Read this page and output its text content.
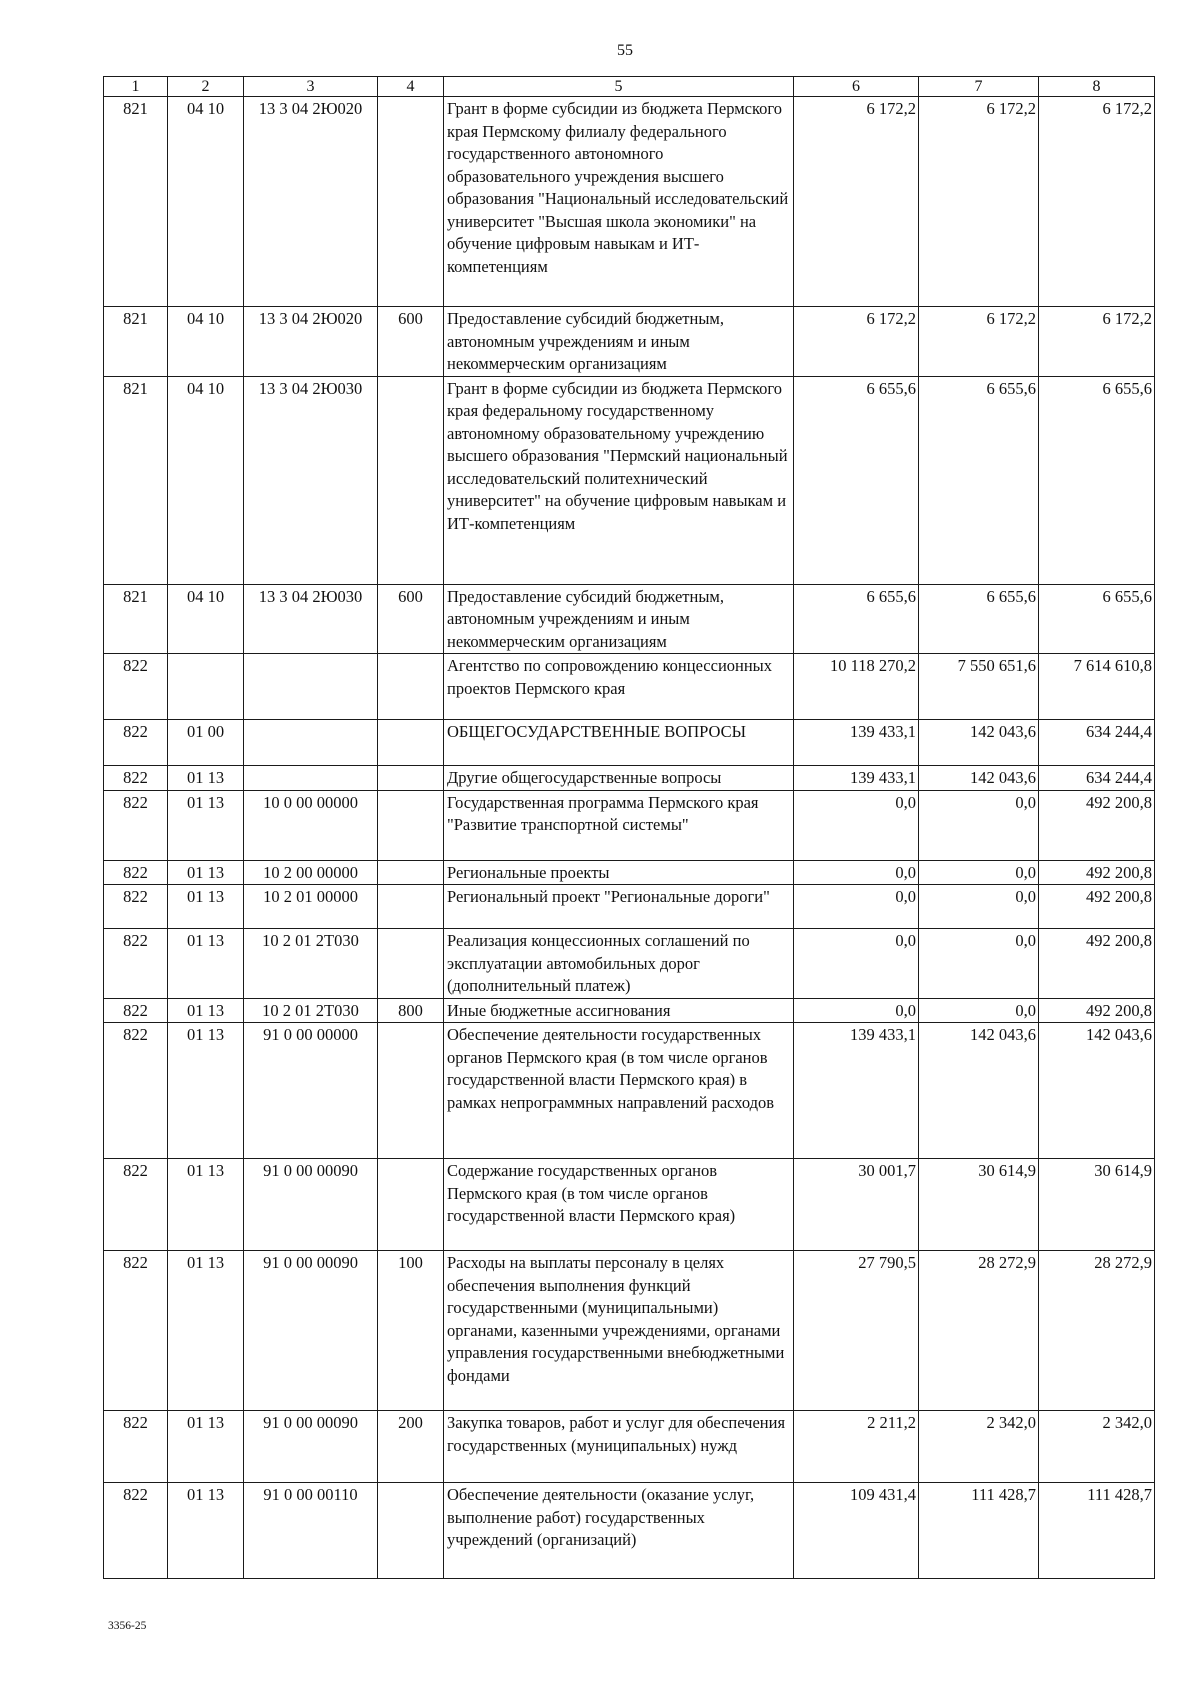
55
1	2	3	4	5	6	7	8
821	04 10	13 3 04 2Ю020		Грант в форме субсидии из бюджета Пермского края Пермскому филиалу федерального государственного автономного образовательного учреждения высшего образования "Национальный исследовательский университет "Высшая школа экономики" на обучение цифровым навыкам и ИТ-компетенциям	6 172,2	6 172,2	6 172,2
821	04 10	13 3 04 2Ю020	600	Предоставление субсидий бюджетным, автономным учреждениям и иным некоммерческим организациям	6 172,2	6 172,2	6 172,2
821	04 10	13 3 04 2Ю030		Грант в форме субсидии из бюджета Пермского края федеральному государственному автономному образовательному учреждению высшего образования "Пермский национальный исследовательский политехнический университет" на обучение цифровым навыкам и ИТ-компетенциям	6 655,6	6 655,6	6 655,6
821	04 10	13 3 04 2Ю030	600	Предоставление субсидий бюджетным, автономным учреждениям и иным некоммерческим организациям	6 655,6	6 655,6	6 655,6
822				Агентство по сопровождению концессионных проектов Пермского края	10 118 270,2	7 550 651,6	7 614 610,8
822	01 00			ОБЩЕГОСУДАРСТВЕННЫЕ ВОПРОСЫ	139 433,1	142 043,6	634 244,4
822	01 13			Другие общегосударственные вопросы	139 433,1	142 043,6	634 244,4
822	01 13	10 0 00 00000		Государственная программа Пермского края "Развитие транспортной системы"	0,0	0,0	492 200,8
822	01 13	10 2 00 00000		Региональные проекты	0,0	0,0	492 200,8
822	01 13	10 2 01 00000		Региональный проект "Региональные дороги"	0,0	0,0	492 200,8
822	01 13	10 2 01 2Т030		Реализация концессионных соглашений по эксплуатации автомобильных дорог (дополнительный платеж)	0,0	0,0	492 200,8
822	01 13	10 2 01 2Т030	800	Иные бюджетные ассигнования	0,0	0,0	492 200,8
822	01 13	91 0 00 00000		Обеспечение деятельности государственных органов Пермского края (в том числе органов государственной власти Пермского края) в рамках непрограммных направлений расходов	139 433,1	142 043,6	142 043,6
822	01 13	91 0 00 00090		Содержание государственных органов Пермского края (в том числе органов государственной власти Пермского края)	30 001,7	30 614,9	30 614,9
822	01 13	91 0 00 00090	100	Расходы на выплаты персоналу в целях обеспечения выполнения функций государственными (муниципальными) органами, казенными учреждениями, органами управления государственными внебюджетными фондами	27 790,5	28 272,9	28 272,9
822	01 13	91 0 00 00090	200	Закупка товаров, работ и услуг для обеспечения государственных (муниципальных) нужд	2 211,2	2 342,0	2 342,0
822	01 13	91 0 00 00110		Обеспечение деятельности (оказание услуг, выполнение работ) государственных учреждений (организаций)	109 431,4	111 428,7	111 428,7
3356-25
